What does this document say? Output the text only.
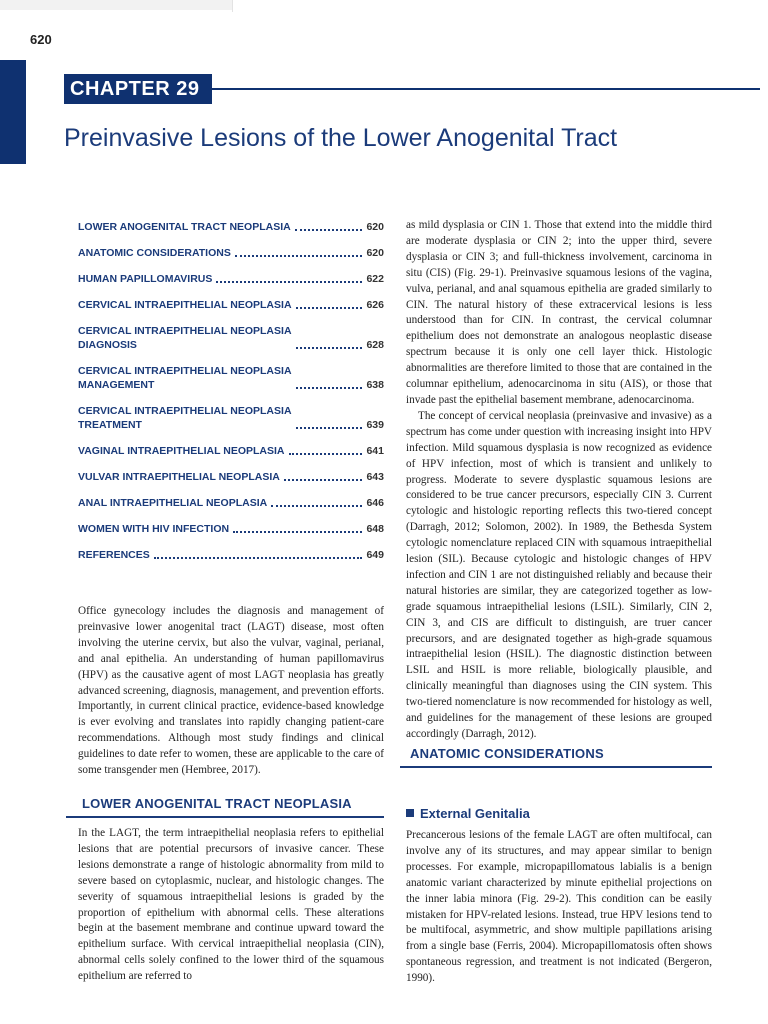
620
CHAPTER 29
Preinvasive Lesions of the Lower Anogenital Tract
LOWER ANOGENITAL TRACT NEOPLASIA	620
ANATOMIC CONSIDERATIONS	620
HUMAN PAPILLOMAVIRUS	622
CERVICAL INTRAEPITHELIAL NEOPLASIA	626
CERVICAL INTRAEPITHELIAL NEOPLASIA
DIAGNOSIS	628
CERVICAL INTRAEPITHELIAL NEOPLASIA
MANAGEMENT	638
CERVICAL INTRAEPITHELIAL NEOPLASIA
TREATMENT	639
VAGINAL INTRAEPITHELIAL NEOPLASIA	641
VULVAR INTRAEPITHELIAL NEOPLASIA	643
ANAL INTRAEPITHELIAL NEOPLASIA	646
WOMEN WITH HIV INFECTION	648
REFERENCES	649

Office gynecology includes the diagnosis and management of preinvasive lower anogenital tract (LAGT) disease, most often involving the uterine cervix, but also the vulvar, vaginal, perianal, and anal epithelia. An understanding of human papillomavirus (HPV) as the causative agent of most LAGT neoplasia has greatly advanced screening, diagnosis, management, and prevention efforts. Importantly, in current clinical practice, evidence-based knowledge is ever evolving and translates into rapidly changing patient-care recommendations. Although most study findings and clinical guidelines to date refer to women, these are applicable to the care of some transgender men (Hembree, 2017).

LOWER ANOGENITAL TRACT NEOPLASIA

In the LAGT, the term intraepithelial neoplasia refers to epithelial lesions that are potential precursors of invasive cancer. These lesions demonstrate a range of histologic abnormality from mild to severe based on cytoplasmic, nuclear, and histologic changes. The severity of squamous intraepithelial lesions is graded by the proportion of epithelium with abnormal cells. These alterations begin at the basement membrane and continue upward toward the epithelium surface. With cervical intraepithelial neoplasia (CIN), abnormal cells solely confined to the lower third of the squamous epithelium are referred to

as mild dysplasia or CIN 1. Those that extend into the middle third are moderate dysplasia or CIN 2; into the upper third, severe dysplasia or CIN 3; and full-thickness involvement, carcinoma in situ (CIS) (Fig. 29-1). Preinvasive squamous lesions of the vagina, vulva, perianal, and anal squamous epithelia are graded similarly to CIN. The natural history of these extracervical lesions is less understood than for CIN. In contrast, the cervical columnar epithelium does not demonstrate an analogous neoplastic disease spectrum because it is only one cell layer thick. Histologic abnormalities are therefore limited to those that are contained in the columnar epithelium, adenocarcinoma in situ (AIS), or those that invade past the epithelial basement membrane, adenocarcinoma.

The concept of cervical neoplasia (preinvasive and invasive) as a spectrum has come under question with increasing insight into HPV infection. Mild squamous dysplasia is now recognized as evidence of HPV infection, most of which is transient and unlikely to progress. Moderate to severe dysplastic squamous lesions are considered to be true cancer precursors, especially CIN 3. Current cytologic and histologic reporting reflects this two-tiered concept (Darragh, 2012; Solomon, 2002). In 1989, the Bethesda System cytologic nomenclature replaced CIN with squamous intraepithelial lesion (SIL). Because cytologic and histologic changes of HPV infection and CIN 1 are not distinguished reliably and because their natural histories are similar, they are categorized together as low-grade squamous intraepithelial lesions (LSIL). Similarly, CIN 2, CIN 3, and CIS are difficult to distinguish, are truer cancer precursors, and are designated together as high-grade squamous intraepithelial lesion (HSIL). The diagnostic distinction between LSIL and HSIL is more reliable, biologically plausible, and clinically meaningful than diagnoses using the CIN system. This two-tiered nomenclature is now recommended for histology as well, and guidelines for the management of these lesions are grouped accordingly (Darragh, 2012).

ANATOMIC CONSIDERATIONS
External Genitalia

Precancerous lesions of the female LAGT are often multifocal, can involve any of its structures, and may appear similar to benign processes. For example, micropapillomatous labialis is a benign anatomic variant characterized by minute epithelial projections on the inner labia minora (Fig. 29-2). This condition can be easily mistaken for HPV-related lesions. Instead, true HPV lesions tend to be multifocal, asymmetric, and show multiple papillations arising from a single base (Ferris, 2004). Micropapillomatosis often shows spontaneous regression, and treatment is not indicated (Bergeron, 1990).
